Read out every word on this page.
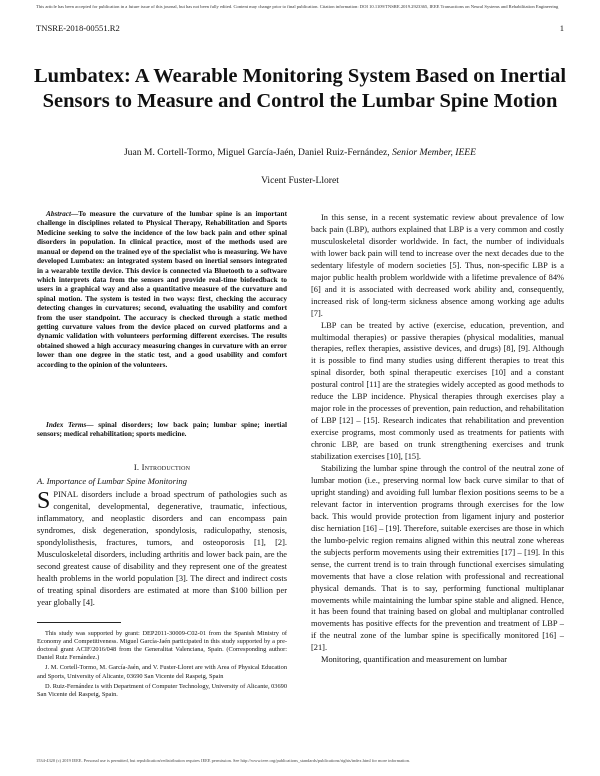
This article has been accepted for publication in a future issue of this journal, but has not been fully edited. Content may change prior to final publication. Citation information: DOI 10.1109/TNSRE.2019.2923365, IEEE Transactions on Neural Systems and Rehabilitation Engineering
TNSRE-2018-00551.R2	1
Lumbatex: A Wearable Monitoring System Based on Inertial Sensors to Measure and Control the Lumbar Spine Motion
Juan M. Cortell-Tormo, Miguel García-Jaén, Daniel Ruiz-Fernández, Senior Member, IEEE
Vicent Fuster-Lloret
Abstract—To measure the curvature of the lumbar spine is an important challenge in disciplines related to Physical Therapy, Rehabilitation and Sports Medicine seeking to solve the incidence of the low back pain and other spinal disorders in population. In clinical practice, most of the methods used are manual or depend on the trained eye of the specialist who is measuring. We have developed Lumbatex: an integrated system based on inertial sensors integrated in a wearable textile device. This device is connected via Bluetooth to a software which interprets data from the sensors and provide real-time biofeedback to users in a graphical way and also a quantitative measure of the curvature and spinal motion. The system is tested in two ways: first, checking the accuracy detecting changes in curvatures; second, evaluating the usability and comfort from the user standpoint. The accuracy is checked through a static method getting curvature values from the device placed on curved platforms and a dynamic validation with volunteers performing different exercises. The results obtained showed a high accuracy measuring changes in curvature with an error lower than one degree in the static test, and a good usability and comfort according to the opinion of the volunteers.
Index Terms— spinal disorders; low back pain; lumbar spine; inertial sensors; medical rehabilitation; sports medicine.
I. Introduction
A. Importance of Lumbar Spine Monitoring
SPINAL disorders include a broad spectrum of pathologies such as congenital, developmental, degenerative, traumatic, infectious, inflammatory, and neoplastic disorders and can encompass pain syndromes, disk degeneration, spondylosis, radiculopathy, stenosis, spondylolisthesis, fractures, tumors, and osteoporosis [1], [2]. Musculoskeletal disorders, including arthritis and lower back pain, are the second greatest cause of disability and they represent one of the greatest health problems in the world population [3]. The direct and indirect costs of treating spinal disorders are estimated at more than $100 billion per year globally [4].

This study was supported by grant: DEP2011-30009-C02-01 from the Spanish Ministry of Economy and Competitiveness. Miguel García-Jaén participated in this study supported by a pre-doctoral grant ACIF/2016/048 from the Generalitat Valenciana, Spain. (Corresponding author: Daniel Ruiz Fernández.)

J. M. Cortell-Tormo, M. García-Jaén, and V. Fuster-Lloret are with Area of Physical Education and Sports, University of Alicante, 03690 San Vicente del Raspeig, Spain

D. Ruiz-Fernández is with Department of Computer Technology, University of Alicante, 03690 San Vicente del Raspeig, Spain.

In this sense, in a recent systematic review about prevalence of low back pain (LBP), authors explained that LBP is a very common and costly musculoskeletal disorder worldwide. In fact, the number of individuals with lower back pain will tend to increase over the next decades due to the sedentary lifestyle of modern societies [5]. Thus, non-specific LBP is a major public health problem worldwide with a lifetime prevalence of 84% [6] and it is associated with decreased work ability and, consequently, increased risk of long-term sickness absence among working age adults [7].

LBP can be treated by active (exercise, education, prevention, and multimodal therapies) or passive therapies (physical modalities, manual therapies, reflex therapies, assistive devices, and drugs) [8], [9]. Although it is possible to find many studies using different therapies to treat this spinal disorder, both spinal therapeutic exercises [10] and a constant postural control [11] are the strategies widely accepted as good methods to reduce the LBP incidence. Physical therapies through exercises play a major role in the processes of prevention, pain reduction, and rehabilitation of LBP [12] – [15]. Research indicates that rehabilitation and prevention exercise programs, most commonly used as treatments for patients with chronic LBP, are based on trunk strengthening exercises and trunk stabilization exercises [10], [15].

Stabilizing the lumbar spine through the control of the neutral zone of lumbar motion (i.e., preserving normal low back curve similar to that of upright standing) and avoiding full lumbar flexion positions seems to be a relevant factor in intervention programs through exercises for the low back. This would provide protection from ligament injury and posterior disc herniation [16] – [19]. Therefore, suitable exercises are those in which the lumbo-pelvic region remains aligned within this neutral zone whereas the subjects perform movements using their extremities [17] – [19]. In this sense, the current trend is to train through functional exercises simulating movements that have a close relation with professional and recreational physical demands. That is to say, performing functional multiplanar movements while maintaining the lumbar spine stable and aligned. Hence, it has been found that training based on global and multiplanar controlled movements has positive effects for the prevention and treatment of LBP – if the neutral zone of the lumbar spine is specifically monitored [16] – [21].

Monitoring, quantification and measurement on lumbar

1534-4320 (c) 2019 IEEE. Personal use is permitted, but republication/redistribution requires IEEE permission. See http://www.ieee.org/publications_standards/publications/rights/index.html for more information.
